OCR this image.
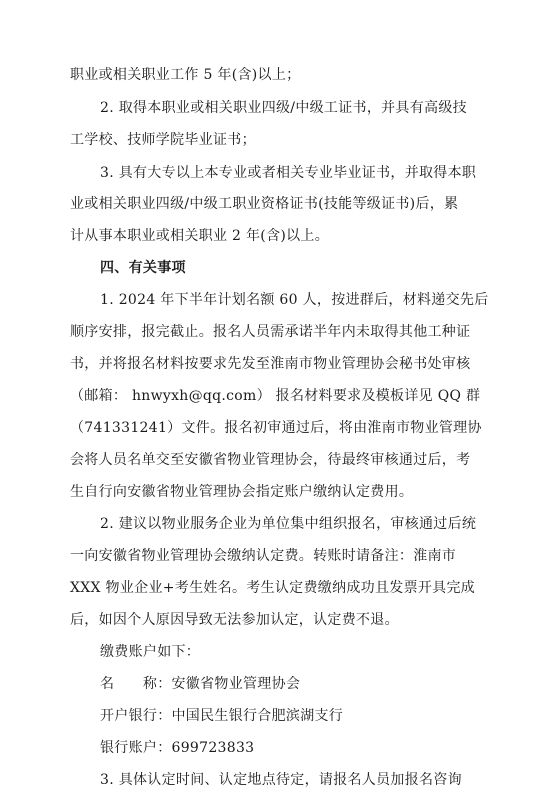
职业或相关职业工作 5 年(含)以上；
2. 取得本职业或相关职业四级/中级工证书，并具有高级技
工学校、技师学院毕业证书；
3. 具有大专以上本专业或者相关专业毕业证书，并取得本职
业或相关职业四级/中级工职业资格证书(技能等级证书)后，累
计从事本职业或相关职业 2 年(含)以上。
四、有关事项
1. 2024 年下半年计划名额 60 人，按进群后，材料递交先后
顺序安排，报完截止。报名人员需承诺半年内未取得其他工种证
书，并将报名材料按要求先发至淮南市物业管理协会秘书处审核
（邮箱： hnwyxh@qq.com） 报名材料要求及模板详见 QQ 群
（741331241）文件。报名初审通过后，将由淮南市物业管理协
会将人员名单交至安徽省物业管理协会，待最终审核通过后，考
生自行向安徽省物业管理协会指定账户缴纳认定费用。
2. 建议以物业服务企业为单位集中组织报名，审核通过后统
一向安徽省物业管理协会缴纳认定费。转账时请备注：淮南市
XXX 物业企业+考生姓名。考生认定费缴纳成功且发票开具完成
后，如因个人原因导致无法参加认定，认定费不退。
缴费账户如下：
名　　称：安徽省物业管理协会
开户银行：中国民生银行合肥滨湖支行
银行账户：699723833
3. 具体认定时间、认定地点待定，请报名人员加报名咨询
